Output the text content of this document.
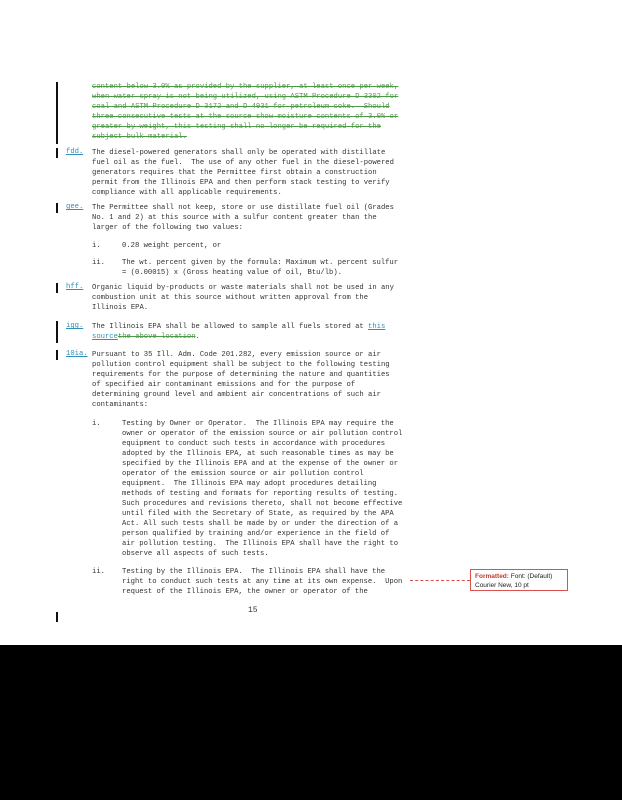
content below 3.0% as provided by the supplier, at least once per week,
when water spray is not being utilized, using ASTM Procedure D 3302 for
coal and ASTM Procedure D 3172 and D 4931 for petroleum coke.  Should
three consecutive tests at the source show moisture contents of 3.0% or
greater by weight, this testing shall no longer be required for the
subject bulk material.
fdd. The diesel-powered generators shall only be operated with distillate
fuel oil as the fuel.  The use of any other fuel in the diesel-powered
generators requires that the Permittee first obtain a construction
permit from the Illinois EPA and then perform stack testing to verify
compliance with all applicable requirements.
gee. The Permittee shall not keep, store or use distillate fuel oil (Grades
No. 1 and 2) at this source with a sulfur content greater than the
larger of the following two values:
i.	0.28 weight percent, or
ii. The wt. percent given by the formula: Maximum wt. percent sulfur
= (0.00015) x (Gross heating value of oil, Btu/lb).
hff. Organic liquid by-products or waste materials shall not be used in any
combustion unit at this source without written approval from the
Illinois EPA.
igg. The Illinois EPA shall be allowed to sample all fuels stored at this
sourcethe above location.
10ia. Pursuant to 35 Ill. Adm. Code 201.282, every emission source or air
pollution control equipment shall be subject to the following testing
requirements for the purpose of determining the nature and quantities
of specified air contaminant emissions and for the purpose of
determining ground level and ambient air concentrations of such air
contaminants:
i.	Testing by Owner or Operator.  The Illinois EPA may require the
owner or operator of the emission source or air pollution control
equipment to conduct such tests in accordance with procedures
adopted by the Illinois EPA, at such reasonable times as may be
specified by the Illinois EPA and at the expense of the owner or
operator of the emission source or air pollution control
equipment.  The Illinois EPA may adopt procedures detailing
methods of testing and formats for reporting results of testing.
Such procedures and revisions thereto, shall not become effective
until filed with the Secretary of State, as required by the APA
Act. All such tests shall be made by or under the direction of a
person qualified by training and/or experience in the field of
air pollution testing.  The Illinois EPA shall have the right to
observe all aspects of such tests.
ii. Testing by the Illinois EPA.  The Illinois EPA shall have the
right to conduct such tests at any time at its own expense.  Upon
request of the Illinois EPA, the owner or operator of the
Formatted: Font: (Default) Courier New, 10 pt
15
